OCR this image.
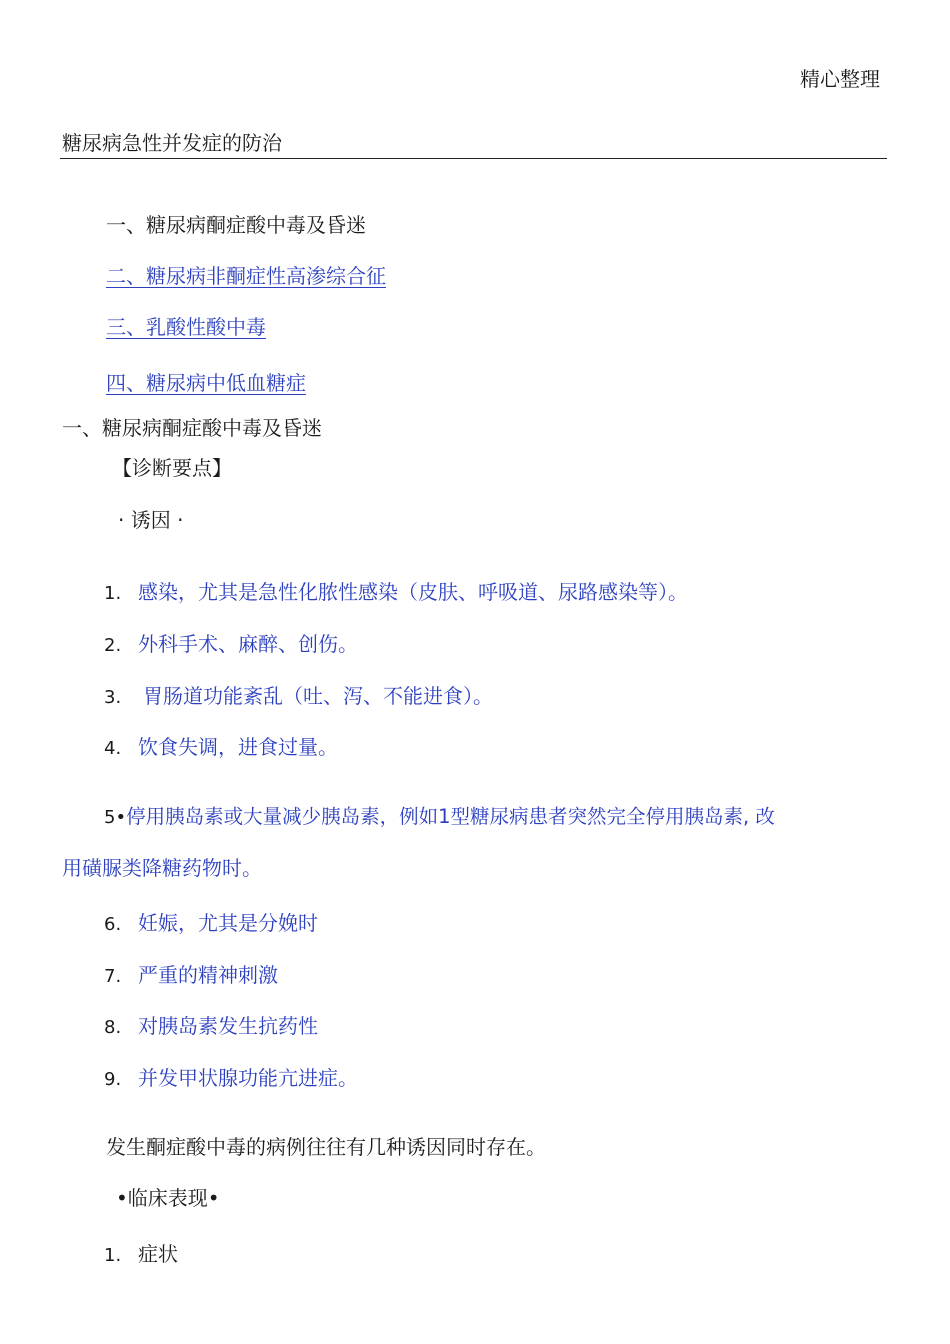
精心整理
糖尿病急性并发症的防治
一、糖尿病酮症酸中毒及昏迷
二、糖尿病非酮症性高渗综合征
三、乳酸性酸中毒
四、糖尿病中低血糖症
一、糖尿病酮症酸中毒及昏迷
【诊断要点】
· 诱因 ·
1. 感染，尤其是急性化脓性感染（皮肤、呼吸道、尿路感染等）。
2. 外科手术、麻醉、创伤。
3. 胃肠道功能紊乱（吐、泻、不能进食）。
4. 饮食失调，进食过量。
5•停用胰岛素或大量减少胰岛素，例如1型糖尿病患者突然完全停用胰岛素, 改
用磺脲类降糖药物时。
6. 妊娠，尤其是分娩时
7. 严重的精神刺激
8. 对胰岛素发生抗药性
9. 并发甲状腺功能亢进症。
发生酮症酸中毒的病例往往有几种诱因同时存在。
•临床表现•
1. 症状
